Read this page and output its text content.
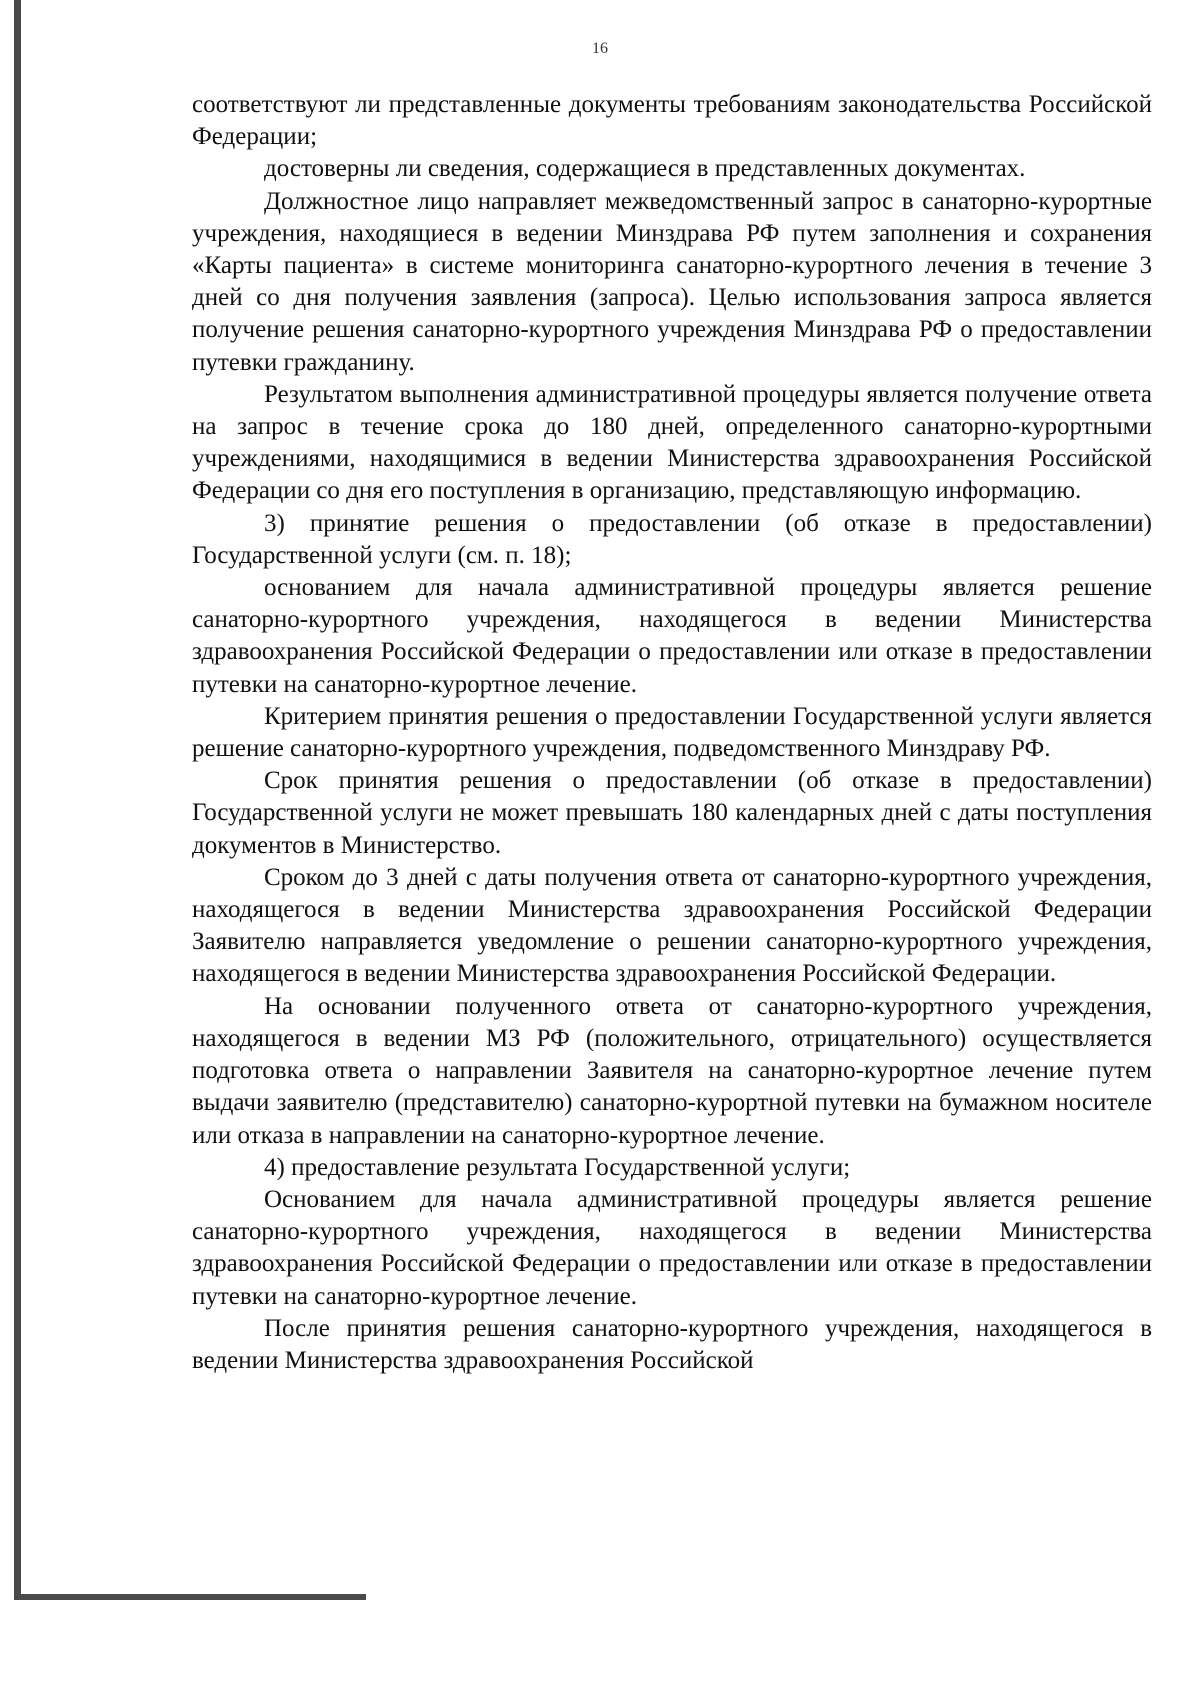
16

соответствуют ли представленные документы требованиям законодательства Российской Федерации;

достоверны ли сведения, содержащиеся в представленных документах.

Должностное лицо направляет межведомственный запрос в санаторно-курортные учреждения, находящиеся в ведении Минздрава РФ путем заполнения и сохранения «Карты пациента» в системе мониторинга санаторно-курортного лечения в течение 3 дней со дня получения заявления (запроса). Целью использования запроса является получение решения санаторно-курортного учреждения Минздрава РФ о предоставлении путевки гражданину.

Результатом выполнения административной процедуры является получение ответа на запрос в течение срока до 180 дней, определенного санаторно-курортными учреждениями, находящимися в ведении Министерства здравоохранения Российской Федерации со дня его поступления в организацию, представляющую информацию.

3) принятие решения о предоставлении (об отказе в предоставлении) Государственной услуги (см. п. 18);

основанием для начала административной процедуры является решение санаторно-курортного учреждения, находящегося в ведении Министерства здравоохранения Российской Федерации о предоставлении или отказе в предоставлении путевки на санаторно-курортное лечение.

Критерием принятия решения о предоставлении Государственной услуги является решение санаторно-курортного учреждения, подведомственного Минздраву РФ.

Срок принятия решения о предоставлении (об отказе в предоставлении) Государственной услуги не может превышать 180 календарных дней с даты поступления документов в Министерство.

Сроком до 3 дней с даты получения ответа от санаторно-курортного учреждения, находящегося в ведении Министерства здравоохранения Российской Федерации Заявителю направляется уведомление о решении санаторно-курортного учреждения, находящегося в ведении Министерства здравоохранения Российской Федерации.

На основании полученного ответа от санаторно-курортного учреждения, находящегося в ведении МЗ РФ (положительного, отрицательного) осуществляется подготовка ответа о направлении Заявителя на санаторно-курортное лечение путем выдачи заявителю (представителю) санаторно-курортной путевки на бумажном носителе или отказа в направлении на санаторно-курортное лечение.

4) предоставление результата Государственной услуги;

Основанием для начала административной процедуры является решение санаторно-курортного учреждения, находящегося в ведении Министерства здравоохранения Российской Федерации о предоставлении или отказе в предоставлении путевки на санаторно-курортное лечение.

После принятия решения санаторно-курортного учреждения, находящегося в ведении Министерства здравоохранения Российской
